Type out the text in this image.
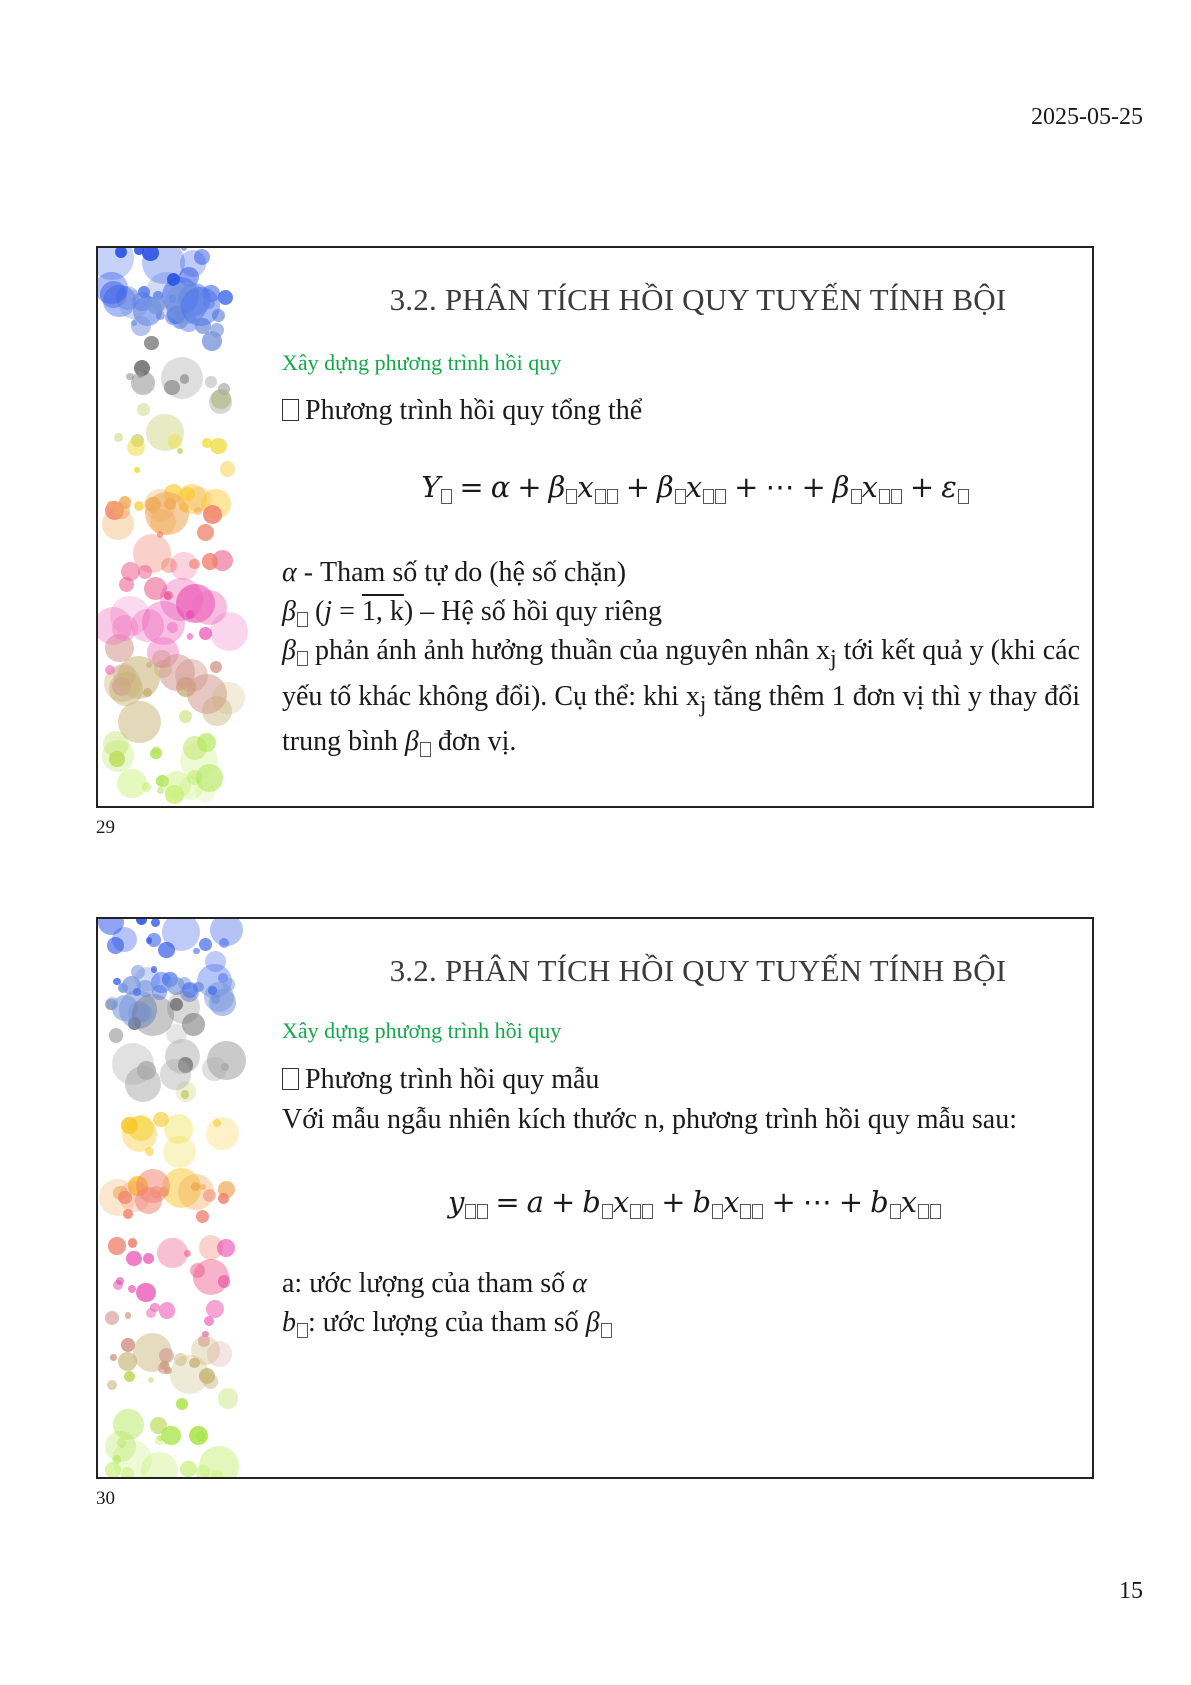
2025-05-25
3.2. PHÂN TÍCH HỒI QUY TUYẾN TÍNH BỘI
Xây dựng phương trình hồi quy
Phương trình hồi quy tổng thể
Y = α + β x + β x + ⋯ + β x + ε
α - Tham số tự do (hệ số chặn)
β (j = 1, k) – Hệ số hồi quy riêng
β phản ánh ảnh hưởng thuần của nguyên nhân $x_j$ tới kết quả y (khi các yếu tố khác không đổi). Cụ thể: khi $x_j$ tăng thêm 1 đơn vị thì y thay đổi trung bình β đơn vị.
29
3.2. PHÂN TÍCH HỒI QUY TUYẾN TÍNH BỘI
Xây dựng phương trình hồi quy
Phương trình hồi quy mẫu
Với mẫu ngẫu nhiên kích thước n, phương trình hồi quy mẫu sau:
y = a + b x + b x + ⋯ + b x
a: ước lượng của tham số α
b : ước lượng của tham số β
30
15
